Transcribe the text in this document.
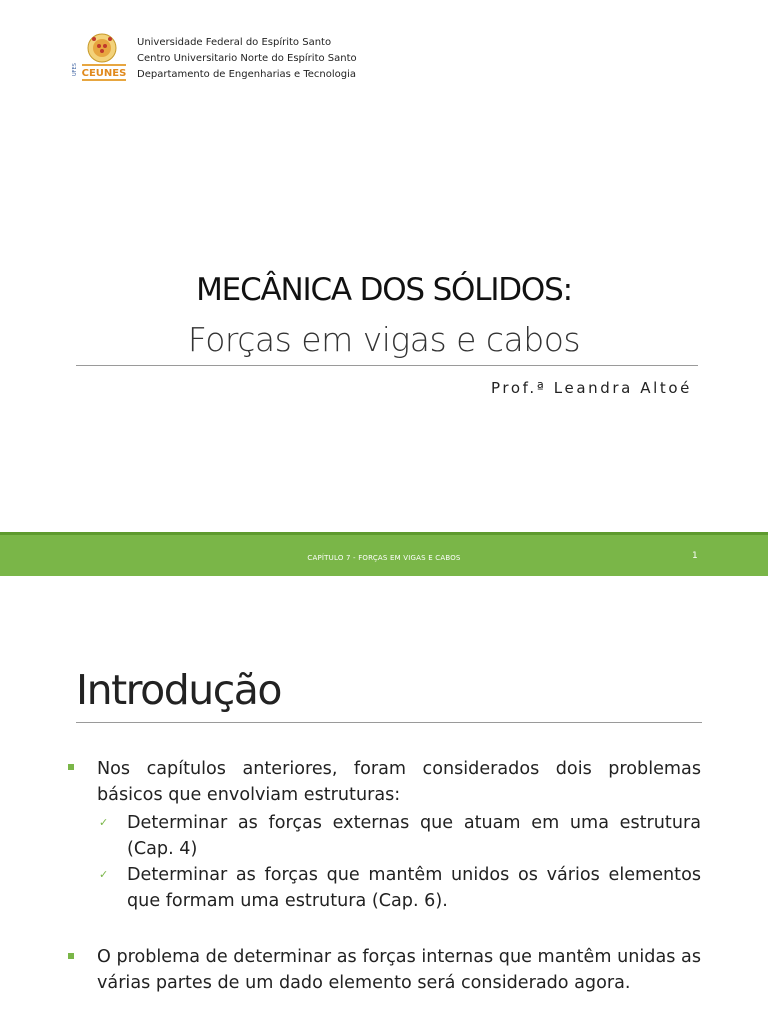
UFES CEUNES
Universidade Federal do Espírito Santo
Centro Universitario Norte do Espírito Santo
Departamento de Engenharias e Tecnologia
MECÂNICA DOS SÓLIDOS:
Forças em vigas e cabos
Prof.ª Leandra Altoé
CAPÍTULO 7 - FORÇAS EM VIGAS E CABOS	1
Introdução
Nos capítulos anteriores, foram considerados dois problemas básicos que envolviam estruturas:
✓ Determinar as forças externas que atuam em uma estrutura (Cap. 4)
✓ Determinar as forças que mantêm unidos os vários elementos que formam uma estrutura (Cap. 6).
O problema de determinar as forças internas que mantêm unidas as várias partes de um dado elemento será considerado agora.
